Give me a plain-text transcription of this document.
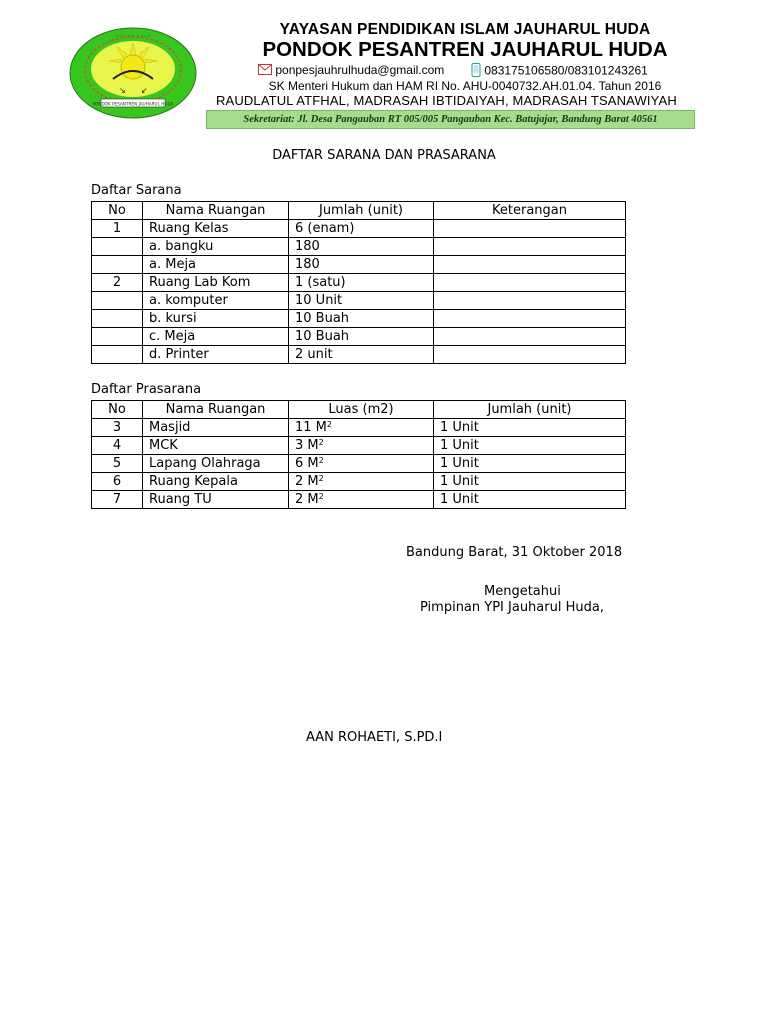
↘ ↙
PONDOK PESANTREN JAUHARUL HUDA
◦◦◦ ◦◦ ◦◦◦◦	YAYASAN PENDIDIKAN ISLAM JAUHARUL HUDA
PONDOK PESANTREN JAUHARUL HUDA
ponpesjauhrulhuda@gmail.com	083175106580/083101243261
SK Menteri Hukum dan HAM RI No. AHU-0040732.AH.01.04. Tahun 2016
RAUDLATUL ATFHAL, MADRASAH IBTIDAIYAH, MADRASAH TSANAWIYAH
Sekretariat: Jl. Desa Pangauban RT 005/005 Pangauban Kec. Batujajar, Bandung Barat 40561
DAFTAR SARANA DAN PRASARANA
Daftar Sarana
No	Nama Ruangan	Jumlah (unit)	Keterangan
1	Ruang Kelas	6 (enam)	
	a. bangku	180	
	a. Meja	180	
2	Ruang Lab Kom	1 (satu)	
	a. komputer	10 Unit	
	b. kursi	10 Buah	
	c. Meja	10 Buah	
	d. Printer	2 unit	
Daftar Prasarana
No	Nama Ruangan	Luas (m2)	Jumlah (unit)
3	Masjid	11 $M^2$	1 Unit
4	MCK	3 $M^2$	1 Unit
5	Lapang Olahraga	6 $M^2$	1 Unit
6	Ruang Kepala	2 $M^2$	1 Unit
7	Ruang TU	2 $M^2$	1 Unit
Bandung Barat, 31 Oktober 2018
Mengetahui
Pimpinan YPI Jauharul Huda,
AAN ROHAETI, S.PD.I
